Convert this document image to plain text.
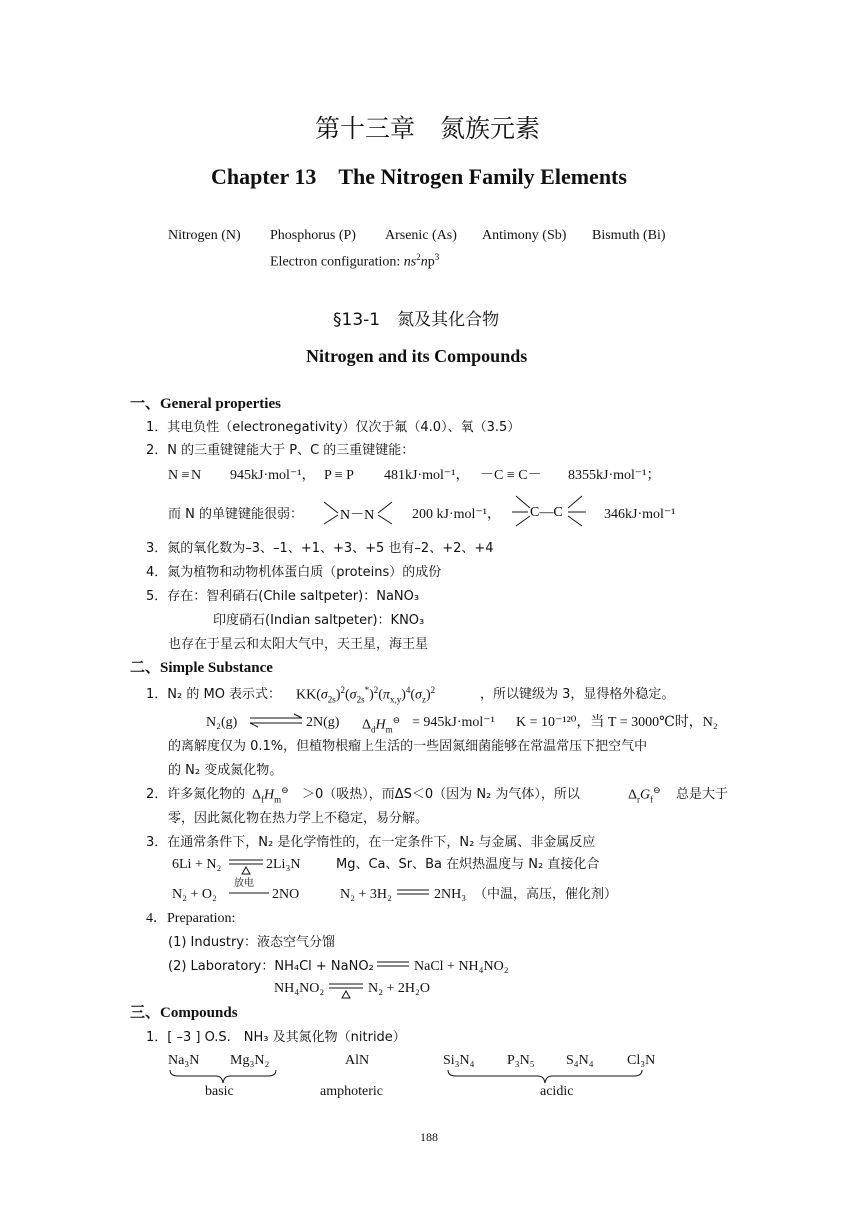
第十三章　氮族元素
Chapter 13　The Nitrogen Family Elements
Nitrogen (N) Phosphorus (P) Arsenic (As) Antimony (Sb) Bismuth (Bi)
Electron configuration: $ns^2np^3$
§13-1　氮及其化合物
Nitrogen and its Compounds
一、General properties
1．其电负性（electronegativity）仅次于氟（4.0）、氧（3.5）
2．N 的三重键键能大于 P、C 的三重键键能：
N ≡ N 945kJ·mol⁻¹， P ≡ P 481kJ·mol⁻¹， －C ≡ C－ 8355kJ·mol⁻¹；
而 N 的单键键能很弱：	N－N	200 kJ·mol⁻¹， C—C	346kJ·mol⁻¹
3．氮的氧化数为–3、–1、+1、+3、+5 也有–2、+2、+4
4．氮为植物和动物机体蛋白质（proteins）的成份
5．存在：智利硝石(Chile saltpeter)：NaNO₃
印度硝石(Indian saltpeter)：KNO₃
也存在于星云和太阳大气中，天王星，海王星
二、Simple Substance
1．N₂ 的 MO 表示式： $KK(\sigma_{2s})^2(\sigma_{2s}^*)^2(\pi_{x,y})^4(\sigma_z)^2$	，所以键级为 3，显得格外稳定。
N₂(g) ⇌ 2N(g) $\Delta_dH_m^⊖ = 945kJ\cdot mol^{-1}$ K = 10⁻¹²⁰，当 T = 3000℃时，N₂
的离解度仅为 0.1%，但植物根瘤上生活的一些固氮细菌能够在常温常压下把空气中
的 N₂ 变成氮化物。
2．许多氮化物的 $\Delta_fH_m^⊖ >0$（吸热），而ΔS＜0（因为 N₂ 为气体），所以	$\Delta_rG_f^⊖$ 总是大于
零，因此氮化物在热力学上不稳定，易分解。
3．在通常条件下，N₂ 是化学惰性的，在一定条件下，N₂ 与金属、非金属反应
6Li + N₂	2Li₃N	Mg、Ca、Sr、Ba 在炽热温度与 N₂ 直接化合
N₂ + O₂
放电
2NO	N₂ + 3H₂	2NH₃ （中温，高压，催化剂）
4．Preparation:
(1) Industry：液态空气分馏
(2) Laboratory：NH₄Cl + NaNO₂	NaCl + NH₄NO₂
NH₄NO₂	N₂ + 2H₂O
三、Compounds
1．[ –3 ] O.S.　NH₃ 及其氮化物（nitride）
Na₃N Mg₃N₂	AlN	Si₃N₄ P₃N₅ S₄N₄ Cl₃N
basic	amphoteric	acidic
188
